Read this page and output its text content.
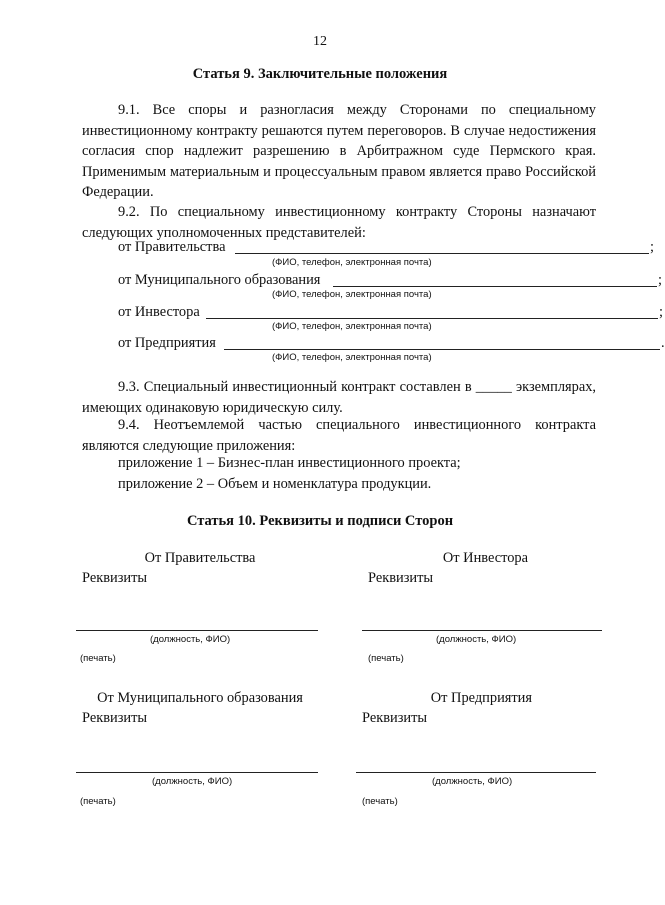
12
Статья 9. Заключительные положения
9.1. Все споры и разногласия между Сторонами по специальному инвестиционному контракту решаются путем переговоров. В случае недостижения согласия спор надлежит разрешению в Арбитражном суде Пермского края. Применимым материальным и процессуальным правом является право Российской Федерации.
9.2. По специальному инвестиционному контракту Стороны назначают следующих уполномоченных представителей:
от Правительства	;
(ФИО, телефон, электронная почта)
от Муниципального образования	;
(ФИО, телефон, электронная почта)
от Инвестора	;
(ФИО, телефон, электронная почта)
от Предприятия	.
(ФИО, телефон, электронная почта)
9.3. Специальный инвестиционный контракт составлен в _____ экземплярах, имеющих одинаковую юридическую силу.
9.4. Неотъемлемой частью специального инвестиционного контракта являются следующие приложения:
приложение 1 – Бизнес-план инвестиционного проекта;
приложение 2 – Объем и номенклатура продукции.
Статья 10. Реквизиты и подписи Сторон
От Правительства
Реквизиты
(должность, ФИО)
(печать)
От Инвестора
Реквизиты
(должность, ФИО)
(печать)
От Муниципального образования
Реквизиты
(должность, ФИО)
(печать)
От Предприятия
Реквизиты
(должность, ФИО)
(печать)
